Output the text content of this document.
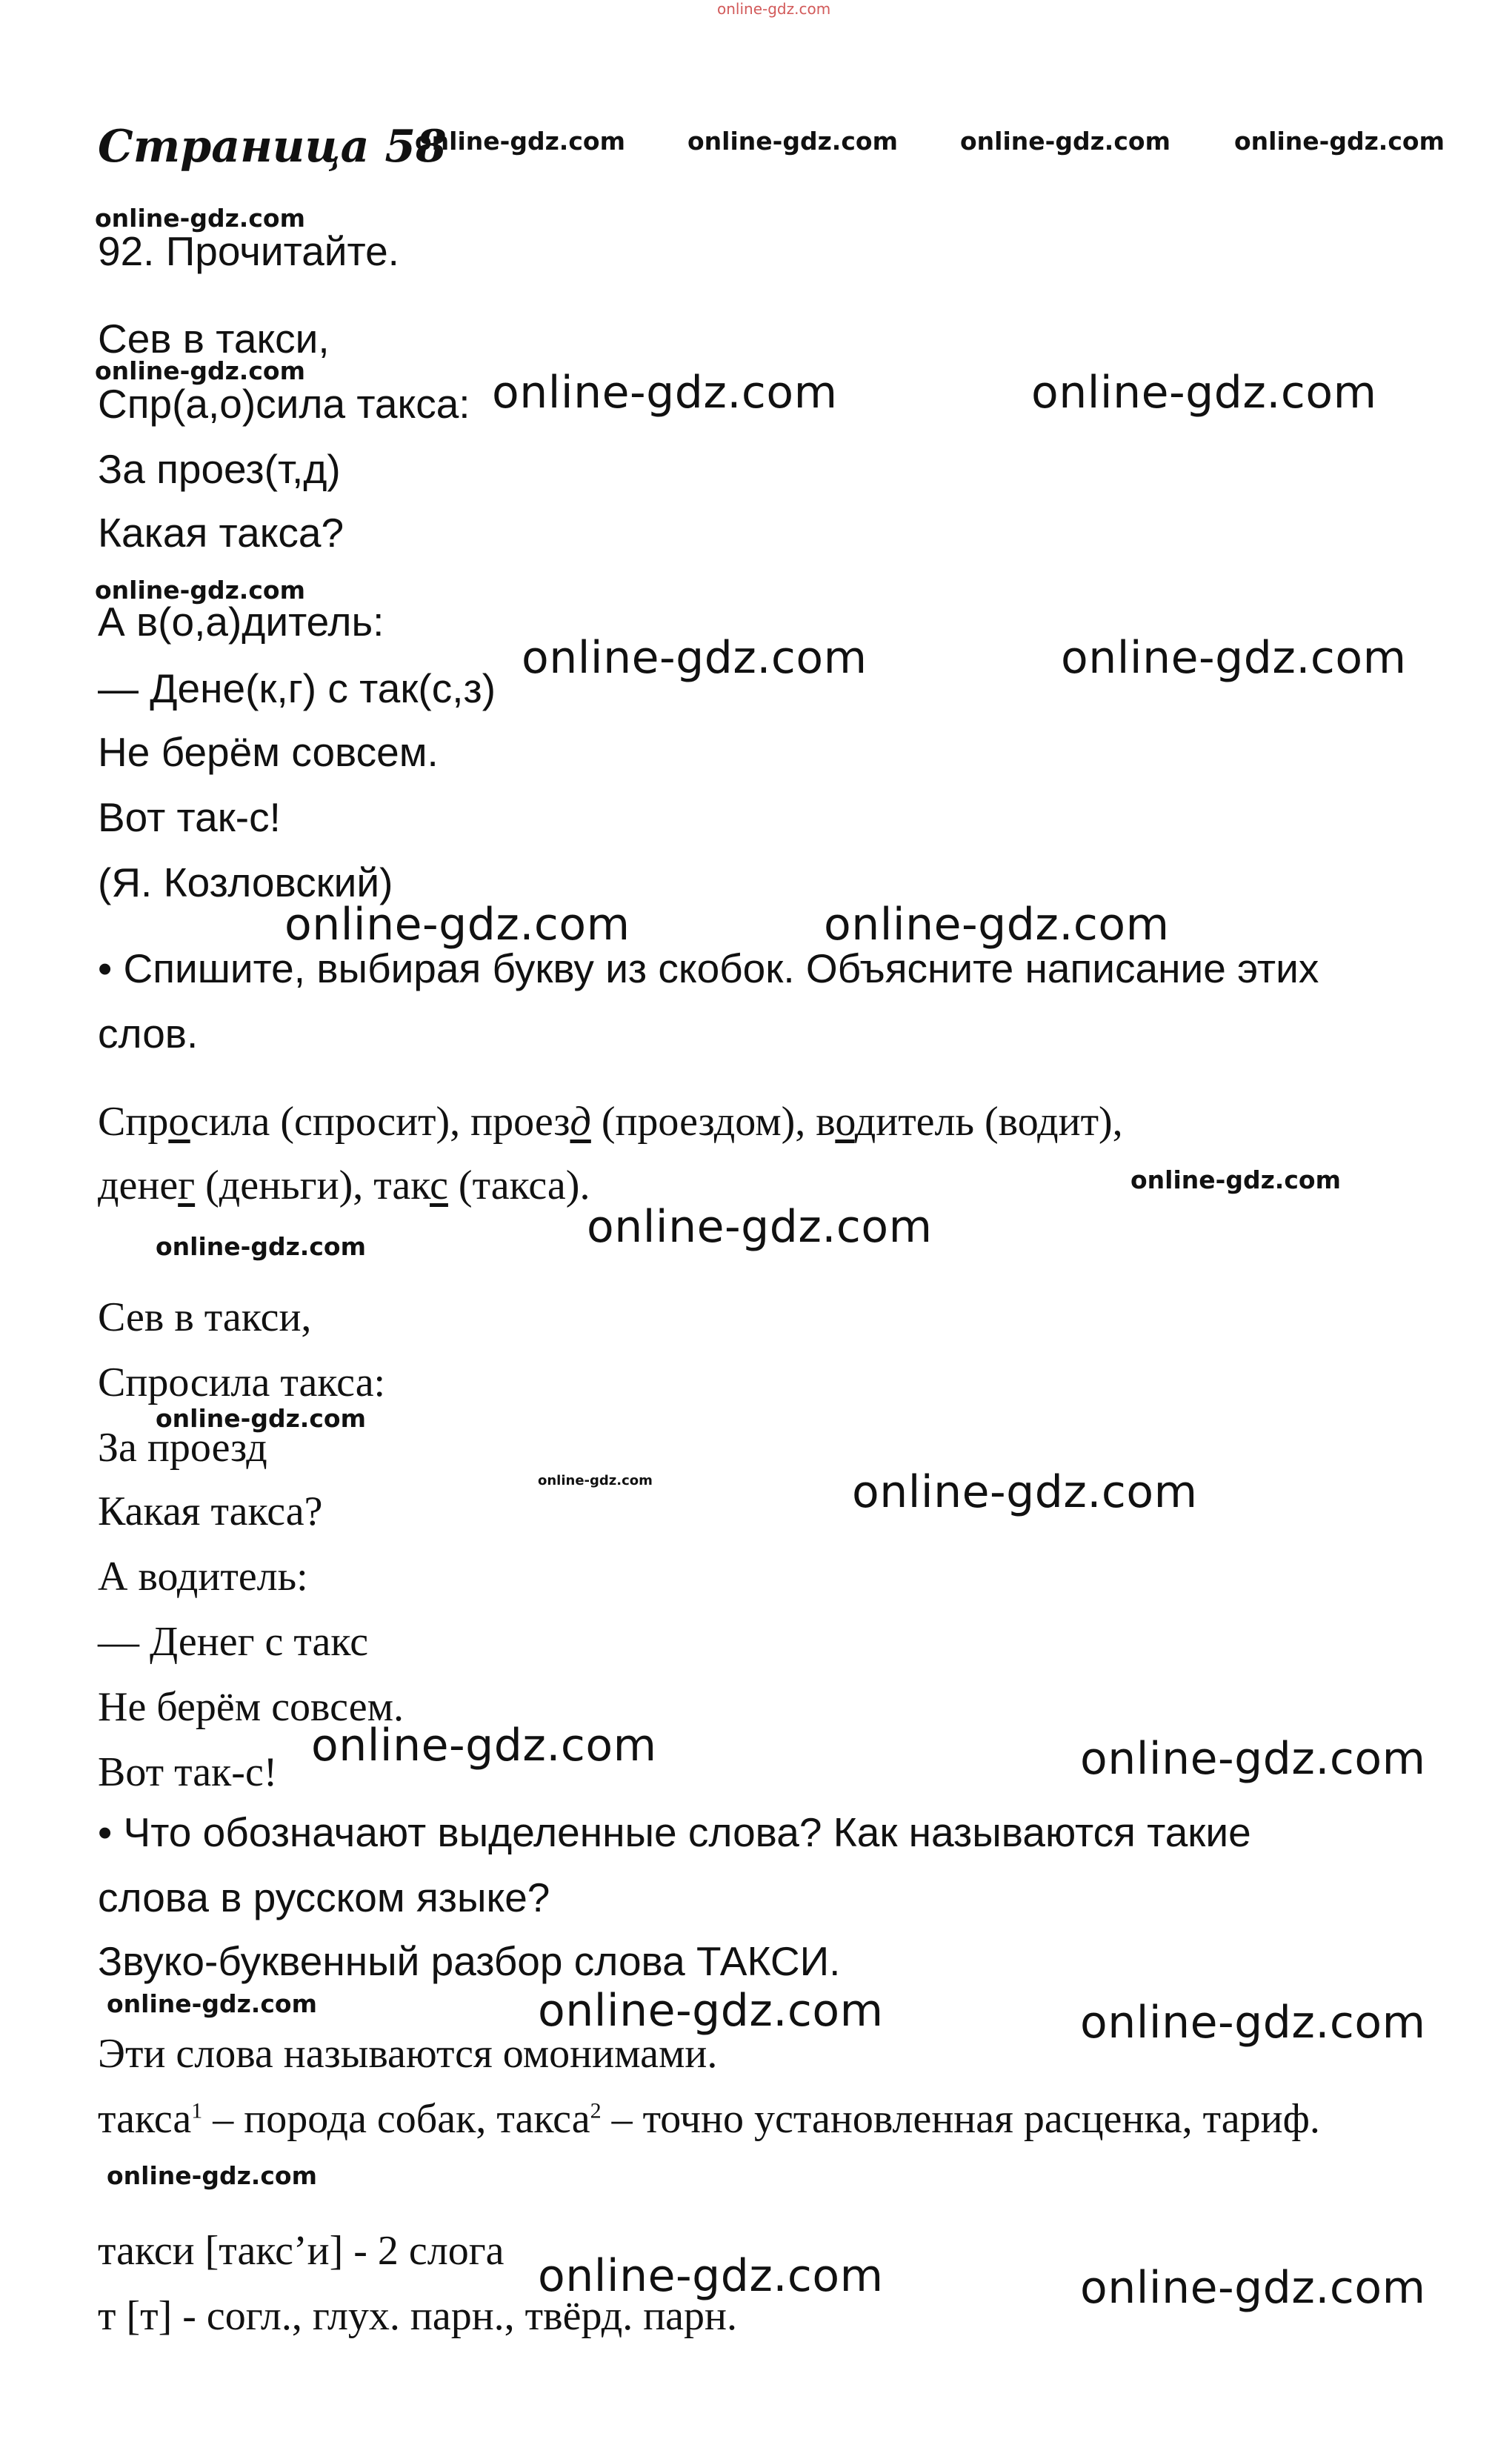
online-gdz.com
Страница 58
online-gdz.com	online-gdz.com	online-gdz.com	online-gdz.com
online-gdz.com
92. Прочитайте.
Сев в такси,
online-gdz.com
Спр(а,о)сила такса: online-gdz.com	online-gdz.com
За проез(т,д)
Какая такса?
online-gdz.com
А в(о,а)дитель:
— Дене(к,г) с так(с,з)
online-gdz.com	online-gdz.com
Не берём совсем.
Вот так-с!
(Я. Козловский)
online-gdz.com	online-gdz.com
• Спишите, выбирая букву из скобок. Объясните написание этих
слов.
Спросила (спросит), проезд (проездом), водитель (водит),
денег (деньги), такс (такса).	online-gdz.com
online-gdz.com
online-gdz.com
Сев в такси,
Спросила такса:
online-gdz.com
За проезд
online-gdz.com
Какая такса?	online-gdz.com
А водитель:
— Денег с такс
Не берём совсем.
online-gdz.com
Вот так-с!	online-gdz.com
• Что обозначают выделенные слова? Как называются такие
слова в русском языке?
Звуко-буквенный разбор слова ТАКСИ.
online-gdz.com	online-gdz.com	online-gdz.com
Эти слова называются омонимами.
такса$^1$ – порода собак, такса$^2$ – точно установленная расценка, тариф.
online-gdz.com
такси [такс’и] - 2 слога online-gdz.com	online-gdz.com
т [т] - согл., глух. парн., твёрд. парн.
